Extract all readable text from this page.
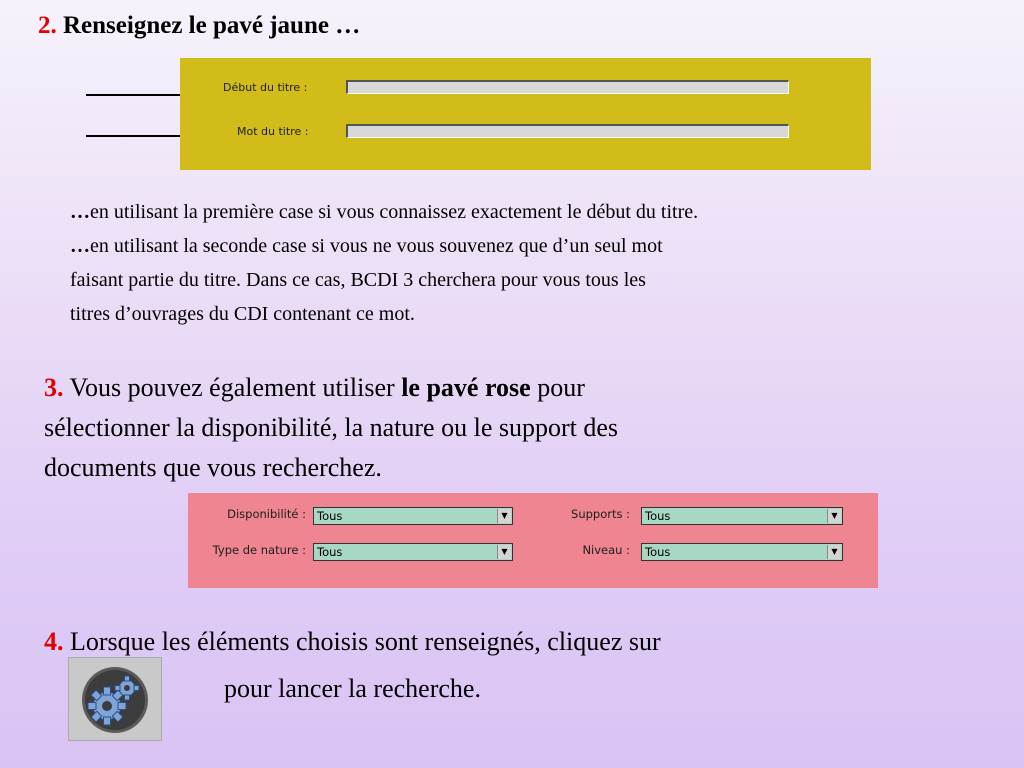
2. Renseignez le pavé jaune …
Début du titre :
Mot du titre :
…en utilisant la première case si vous connaissez exactement le début du titre.
…en utilisant la seconde case si vous ne vous souvenez que d’un seul mot
faisant partie du titre. Dans ce cas, BCDI 3 cherchera pour vous tous les
titres d’ouvrages du CDI contenant ce mot.
3. Vous pouvez également utiliser le pavé rose pour
sélectionner la disponibilité, la nature ou le support des
documents que vous recherchez.
Disponibilité : Tous	▼	Supports :	Tous	▼
Type de nature : Tous	▼	Niveau :	Tous	▼
4. Lorsque les éléments choisis sont renseignés, cliquez sur
pour lancer la recherche.
